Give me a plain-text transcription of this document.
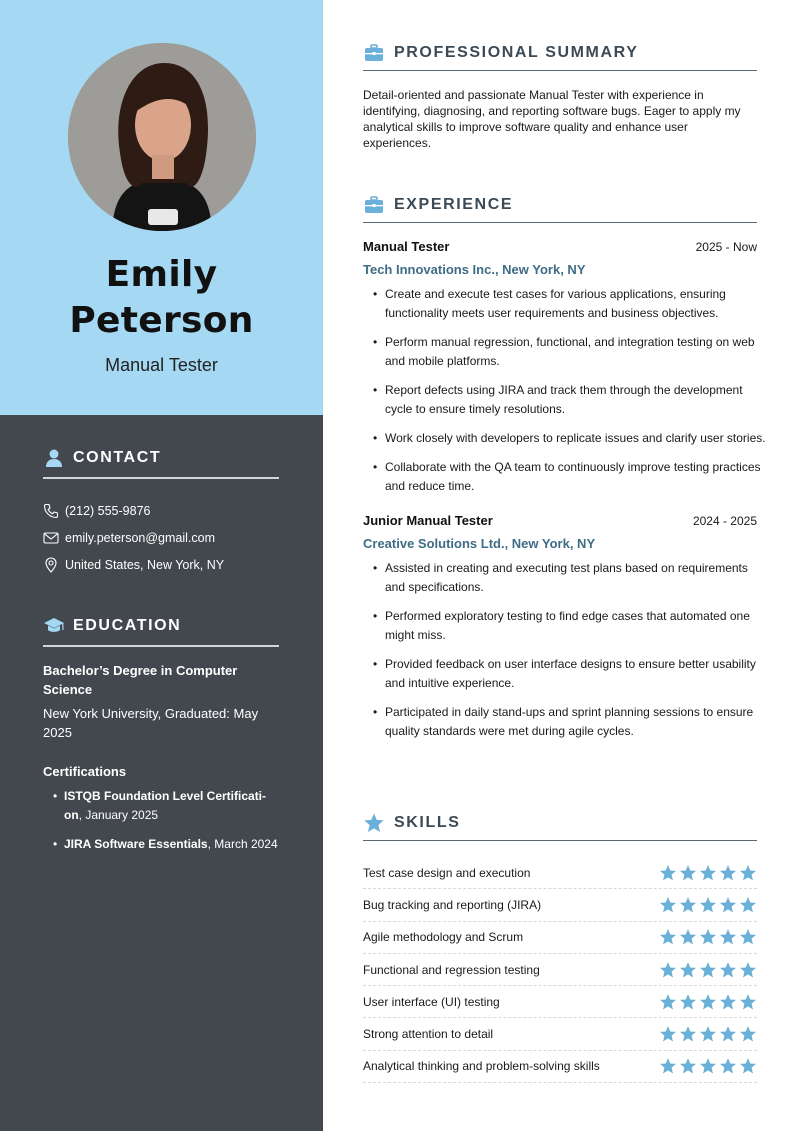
Emily
Peterson
Manual Tester
CONTACT
(212) 555-9876
emily.peterson@gmail.com
United States, New York, NY
EDUCATION
Bachelor’s Degree in Computer Science
New York University, Graduated: May 2025
Certifications
• ISTQB Foundation Level Certificati-on, January 2025
• JIRA Software Essentials, March 2024
PROFESSIONAL SUMMARY

Detail-oriented and passionate Manual Tester with experience in identifying, diagnosing, and reporting software bugs. Eager to apply my analytical skills to improve software quality and enhance user experiences.

EXPERIENCE
Manual Tester	2025 - Now
Tech Innovations Inc., New York, NY
• Create and execute test cases for various applications, ensuring functionality meets user requirements and business objectives.
• Perform manual regression, functional, and integration testing on web and mobile platforms.
• Report defects using JIRA and track them through the development cycle to ensure timely resolutions.
• Work closely with developers to replicate issues and clarify user stories.
• Collaborate with the QA team to continuously improve testing practices and reduce time.
Junior Manual Tester	2024 - 2025
Creative Solutions Ltd., New York, NY
• Assisted in creating and executing test plans based on requirements and specifications.
• Performed exploratory testing to find edge cases that automated one might miss.
• Provided feedback on user interface designs to ensure better usability and intuitive experience.
• Participated in daily stand-ups and sprint planning sessions to ensure quality standards were met during agile cycles.
SKILLS
Test case design and execution
Bug tracking and reporting (JIRA)
Agile methodology and Scrum
Functional and regression testing
User interface (UI) testing
Strong attention to detail
Analytical thinking and problem-solving skills
